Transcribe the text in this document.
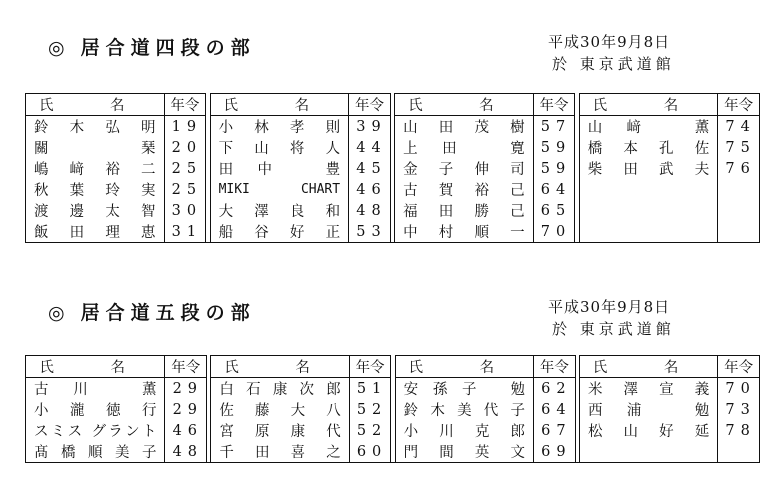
◎ 居合道四段の部	平成30年9月8日
於 東京武道館
氏 名	年令		氏 名	年令		氏 名	年令		氏 名	年令
鈴木弘明	19		小林孝則	39		山田茂樹	57		山﨑 薫	74
關 琹	20		下山将人	44		上田 寛	59		橋本孔佐	75
嶋﨑裕二	25		田中 豊	45		金子伸司	59		柴田武夫	76
秋葉玲実	25		MIKI CHART	46		古賀裕己	64			
渡邊太智	30		大澤良和	48		福田勝己	65			
飯田理恵	31		船谷好正	53		中村順一	70			
◎ 居合道五段の部	平成30年9月8日
於 東京武道館
氏 名	年令		氏 名	年令		氏 名	年令		氏 名	年令
古川 薫	29		白石康次郎	51		安孫子 勉	62		米澤宣義	70
小瀧徳行	29		佐藤大八	52		鈴木美代子	64		西浦 勉	73
スミス グラント	46		宮原康代	52		小川克郎	67		松山好延	78
髙橋順美子	48		千田喜之	60		門間英文	69			
